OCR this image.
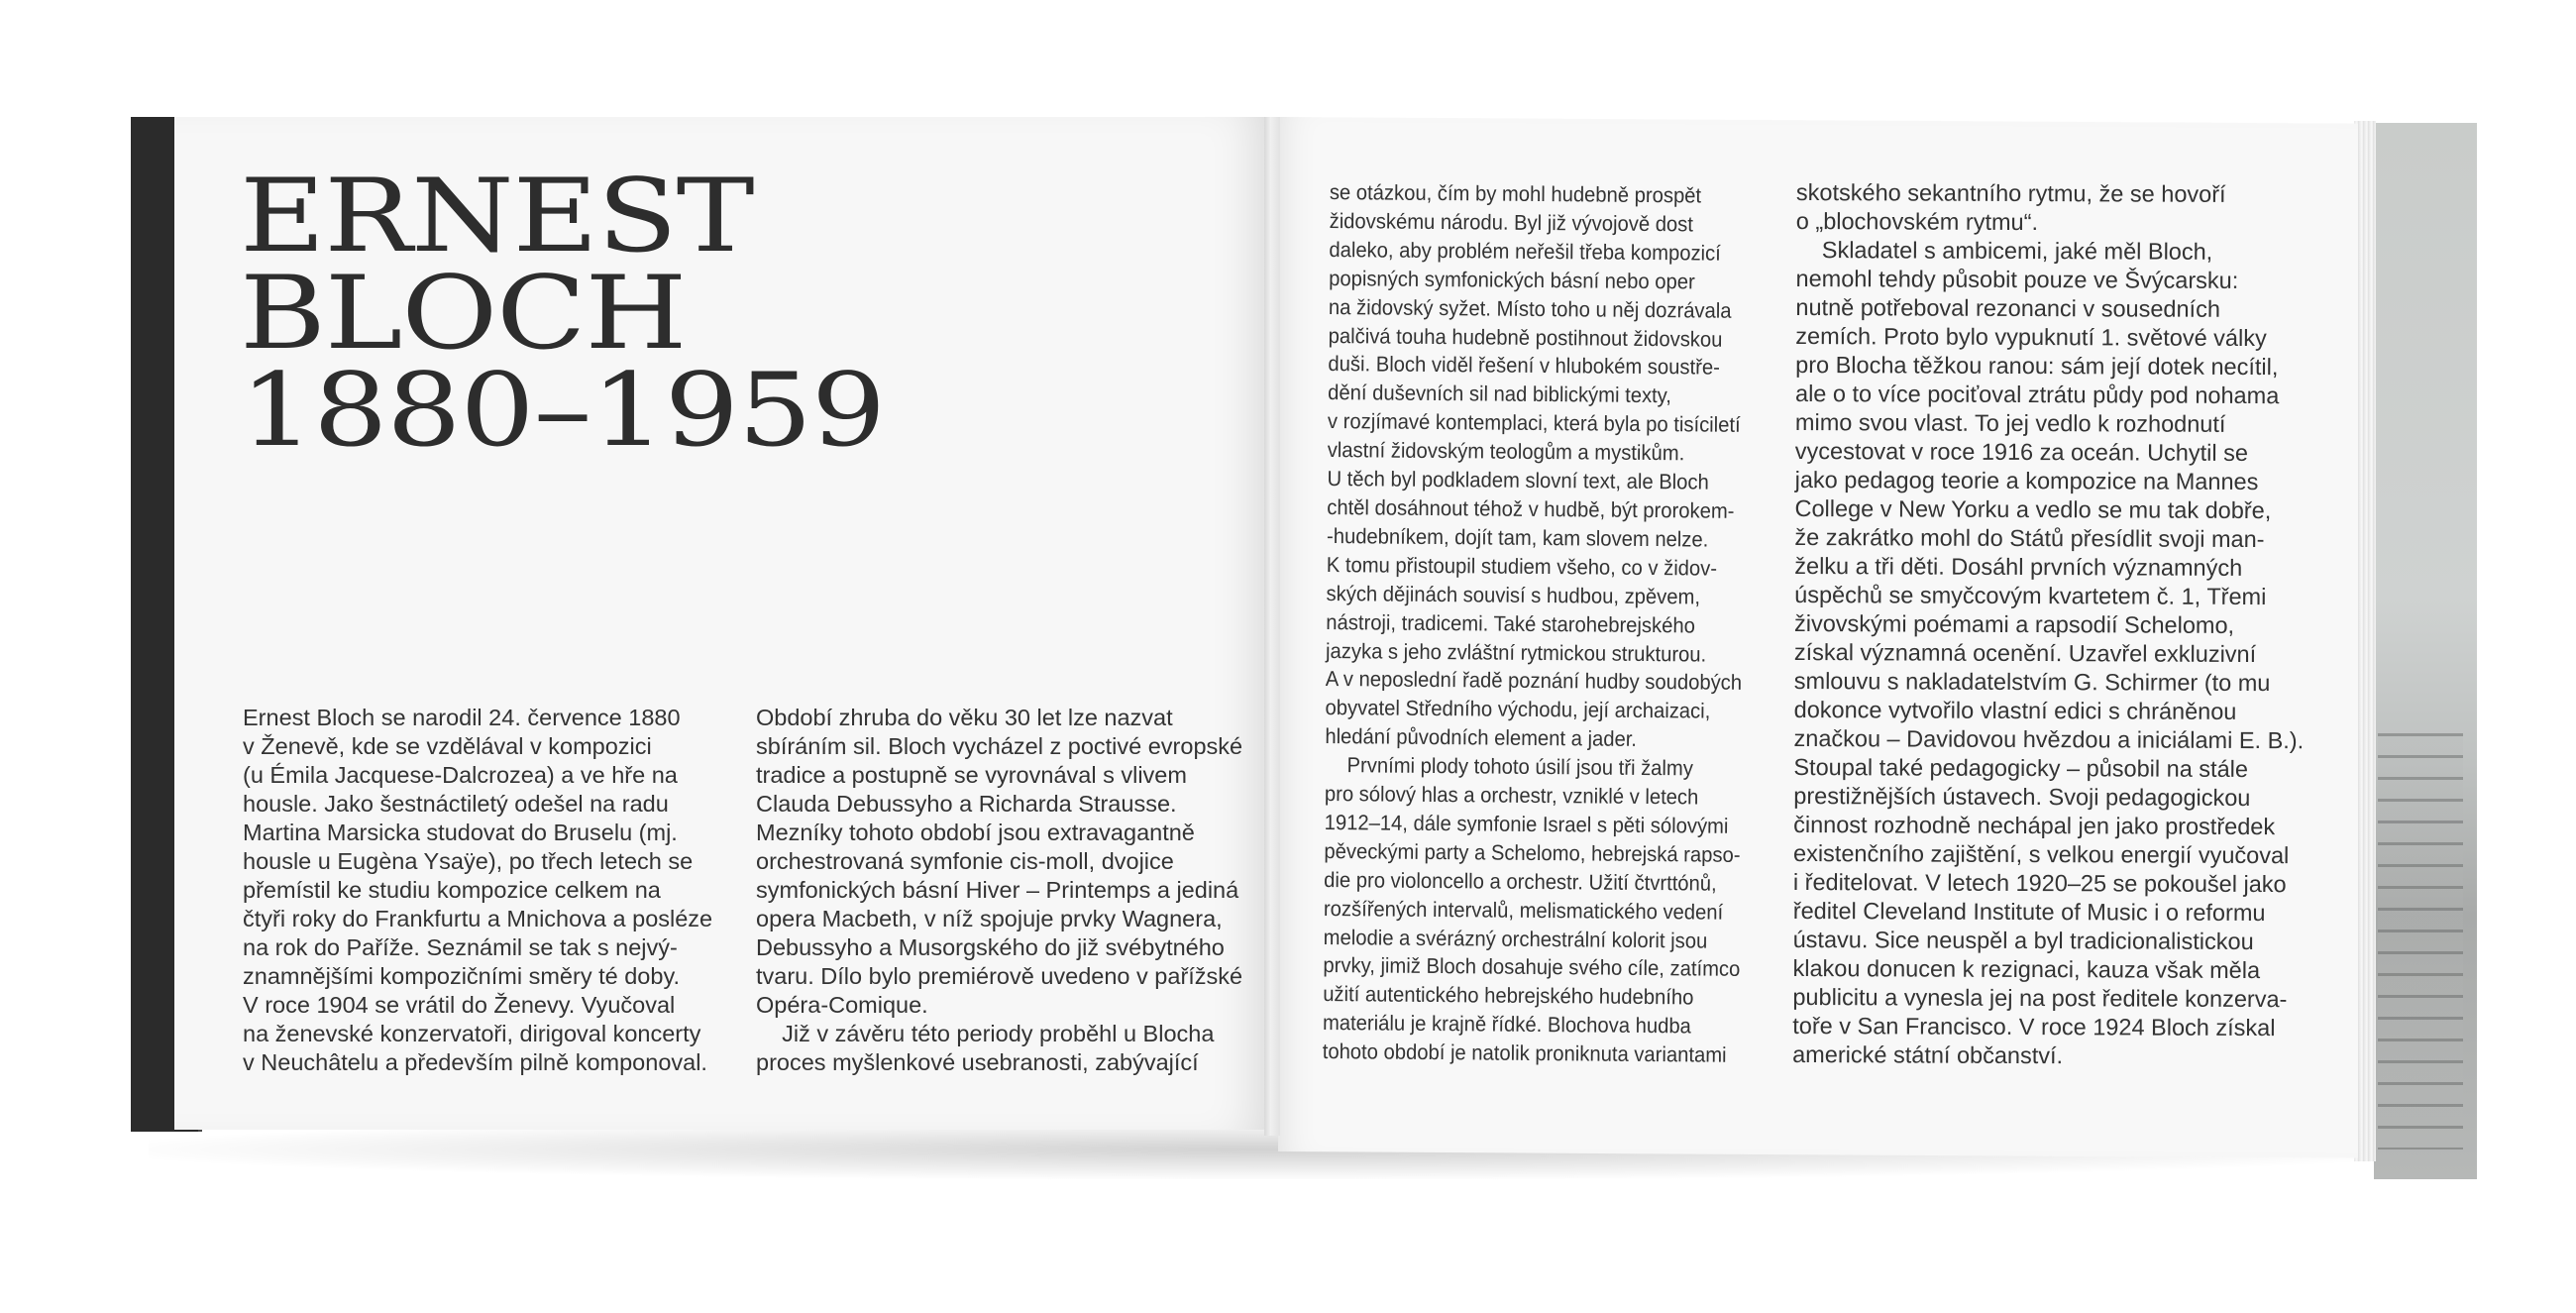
ERNEST
BLOCH
1880–1959
Ernest Bloch se narodil 24. července 1880
v Ženevě, kde se vzdělával v kompozici
(u Émila Jacquese-Dalcrozea) a ve hře na
housle. Jako šestnáctiletý odešel na radu
Martina Marsicka studovat do Bruselu (mj.
housle u Eugèna Ysaÿe), po třech letech se
přemístil ke studiu kompozice celkem na
čtyři roky do Frankfurtu a Mnichova a posléze
na rok do Paříže. Seznámil se tak s nejvý-
znamnějšími kompozičními směry té doby.
V roce 1904 se vrátil do Ženevy. Vyučoval
na ženevské konzervatoři, dirigoval koncerty
v Neuchâtelu a především pilně komponoval.
Období zhruba do věku 30 let lze nazvat
sbíráním sil. Bloch vycházel z poctivé evropské
tradice a postupně se vyrovnával s vlivem
Clauda Debussyho a Richarda Strausse.
Mezníky tohoto období jsou extravagantně
orchestrovaná symfonie cis-moll, dvojice
symfonických básní Hiver – Printemps a jediná
opera Macbeth, v níž spojuje prvky Wagnera,
Debussyho a Musorgského do již svébytného
tvaru. Dílo bylo premiérově uvedeno v pařížské
Opéra-Comique.
Již v závěru této periody proběhl u Blocha
proces myšlenkové usebranosti, zabývající
se otázkou, čím by mohl hudebně prospět
židovskému národu. Byl již vývojově dost
daleko, aby problém neřešil třeba kompozicí
popisných symfonických básní nebo oper
na židovský syžet. Místo toho u něj dozrávala
palčivá touha hudebně postihnout židovskou
duši. Bloch viděl řešení v hlubokém soustře-
dění duševních sil nad biblickými texty,
v rozjímavé kontemplaci, která byla po tisíciletí
vlastní židovským teologům a mystikům.
U těch byl podkladem slovní text, ale Bloch
chtěl dosáhnout téhož v hudbě, být prorokem-
-hudebníkem, dojít tam, kam slovem nelze.
K tomu přistoupil studiem všeho, co v židov-
ských dějinách souvisí s hudbou, zpěvem,
nástroji, tradicemi. Také starohebrejského
jazyka s jeho zvláštní rytmickou strukturou.
A v neposlední řadě poznání hudby soudobých
obyvatel Středního východu, její archaizaci,
hledání původních element a jader.
Prvními plody tohoto úsilí jsou tři žalmy
pro sólový hlas a orchestr, vzniklé v letech
1912–14, dále symfonie Israel s pěti sólovými
pěveckými party a Schelomo, hebrejská rapso-
die pro violoncello a orchestr. Užití čtvrttónů,
rozšířených intervalů, melismatického vedení
melodie a svérázný orchestrální kolorit jsou
prvky, jimiž Bloch dosahuje svého cíle, zatímco
užití autentického hebrejského hudebního
materiálu je krajně řídké. Blochova hudba
tohoto období je natolik proniknuta variantami
skotského sekantního rytmu, že se hovoří
o „blochovském rytmu“.
Skladatel s ambicemi, jaké měl Bloch,
nemohl tehdy působit pouze ve Švýcarsku:
nutně potřeboval rezonanci v sousedních
zemích. Proto bylo vypuknutí 1. světové války
pro Blocha těžkou ranou: sám její dotek necítil,
ale o to více pociťoval ztrátu půdy pod nohama
mimo svou vlast. To jej vedlo k rozhodnutí
vycestovat v roce 1916 za oceán. Uchytil se
jako pedagog teorie a kompozice na Mannes
College v New Yorku a vedlo se mu tak dobře,
že zakrátko mohl do Států přesídlit svoji man-
želku a tři děti. Dosáhl prvních významných
úspěchů se smyčcovým kvartetem č. 1, Třemi
živovskými poémami a rapsodií Schelomo,
získal významná ocenění. Uzavřel exkluzivní
smlouvu s nakladatelstvím G. Schirmer (to mu
dokonce vytvořilo vlastní edici s chráněnou
značkou – Davidovou hvězdou a iniciálami E. B.).
Stoupal také pedagogicky – působil na stále
prestižnějších ústavech. Svoji pedagogickou
činnost rozhodně nechápal jen jako prostředek
existenčního zajištění, s velkou energií vyučoval
i ředitelovat. V letech 1920–25 se pokoušel jako
ředitel Cleveland Institute of Music i o reformu
ústavu. Sice neuspěl a byl tradicionalistickou
klakou donucen k rezignaci, kauza však měla
publicitu a vynesla jej na post ředitele konzerva-
toře v San Francisco. V roce 1924 Bloch získal
americké státní občanství.
